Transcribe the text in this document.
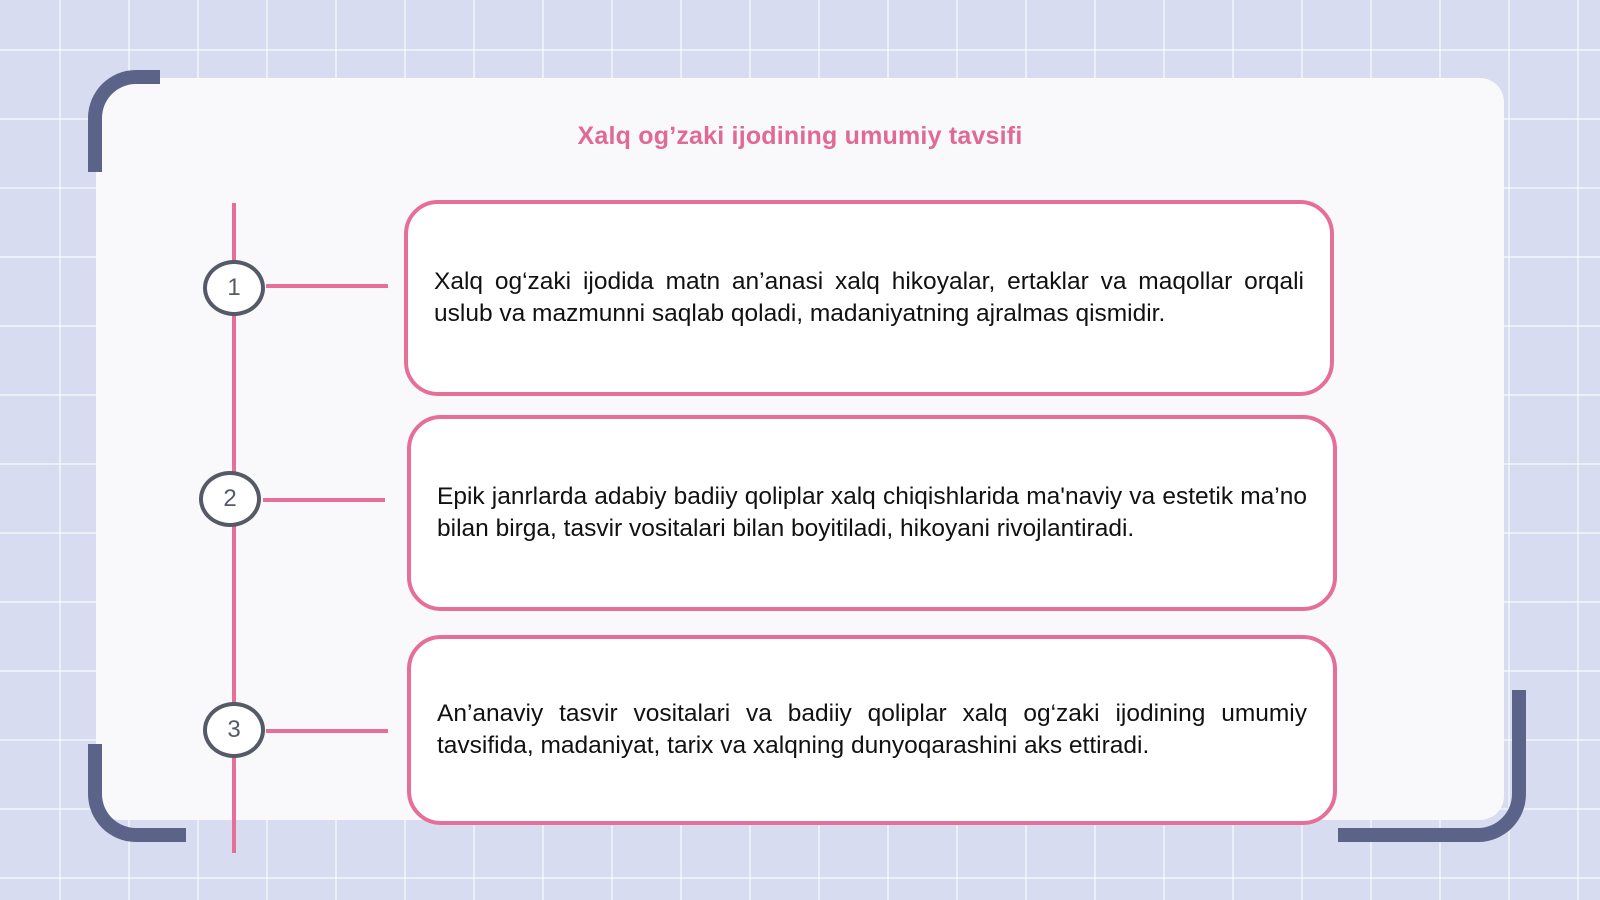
Xalq ogʼzaki ijodining umumiy tavsifi
1	Xalq og‘zaki ijodida matn an’anasi xalq hikoyalar, ertaklar va maqollar orqali uslub va mazmunni saqlab qoladi, madaniyatning ajralmas qismidir.

2	Epik janrlarda adabiy badiiy qoliplar xalq chiqishlarida ma'naviy va estetik ma’no bilan birga, tasvir vositalari bilan boyitiladi, hikoyani rivojlantiradi.

3

An’anaviy tasvir vositalari va badiiy qoliplar xalq og‘zaki ijodining umumiy tavsifida, madaniyat, tarix va xalqning dunyoqarashini aks ettiradi.
